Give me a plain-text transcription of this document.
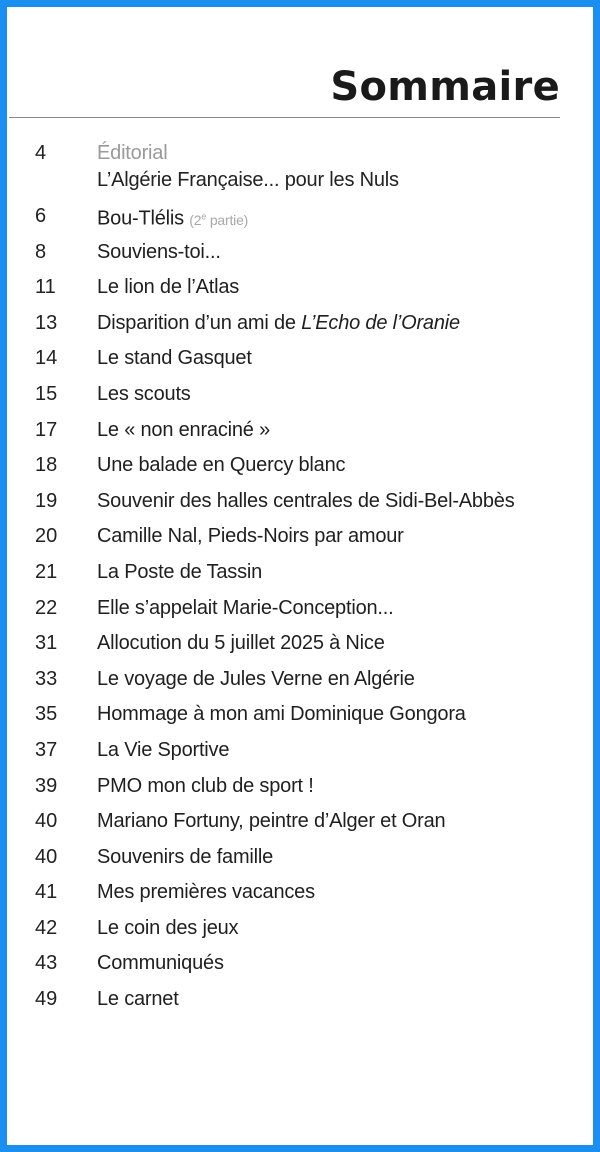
Sommaire
4	Éditorial
L’Algérie Française... pour les Nuls
6	Bou-Tlélis (2e partie)
8	Souviens-toi...
11 Le lion de l’Atlas
13 Disparition d’un ami de L’Echo de l’Oranie
14 Le stand Gasquet
15 Les scouts
17 Le « non enraciné »
18 Une balade en Quercy blanc
19 Souvenir des halles centrales de Sidi-Bel-Abbès
20 Camille Nal, Pieds-Noirs par amour
21 La Poste de Tassin
22 Elle s’appelait Marie-Conception...
31 Allocution du 5 juillet 2025 à Nice
33 Le voyage de Jules Verne en Algérie
35 Hommage à mon ami Dominique Gongora
37 La Vie Sportive
39 PMO mon club de sport !
40 Mariano Fortuny, peintre d’Alger et Oran
40 Souvenirs de famille
41 Mes premières vacances
42 Le coin des jeux
43 Communiqués
49 Le carnet
